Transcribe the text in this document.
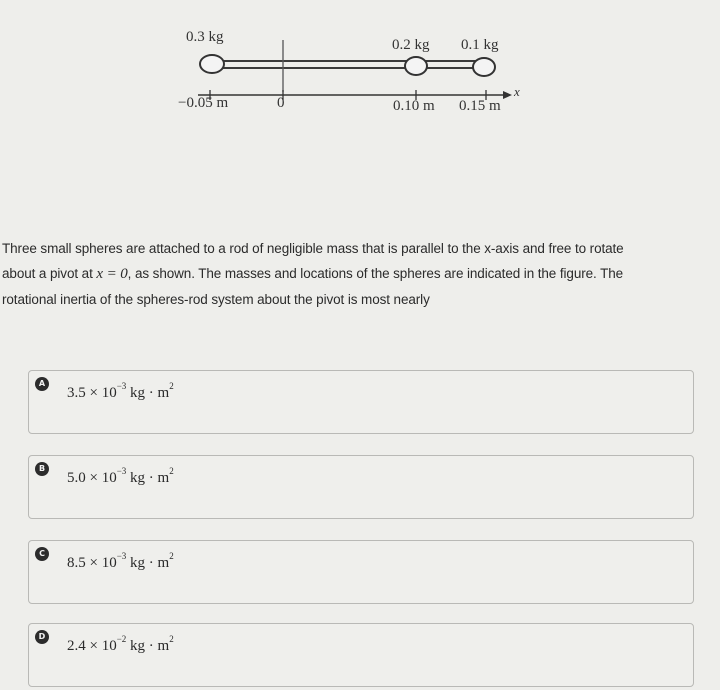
0.3 kg	0.2 kg 0.1 kg
x
−0.05 m	0	0.10 m 0.15 m
Three small spheres are attached to a rod of negligible mass that is parallel to the x-axis and free to rotate
about a pivot at x = 0, as shown. The masses and locations of the spheres are indicated in the figure. The
rotational inertia of the spheres-rod system about the pivot is most nearly
A
$3.5 \times 10^{-3}$ kg · $m^2$
B
$5.0 \times 10^{-3}$ kg · $m^2$
C
$8.5 \times 10^{-3}$ kg · $m^2$
D
$2.4 \times 10^{-2}$ kg · $m^2$
